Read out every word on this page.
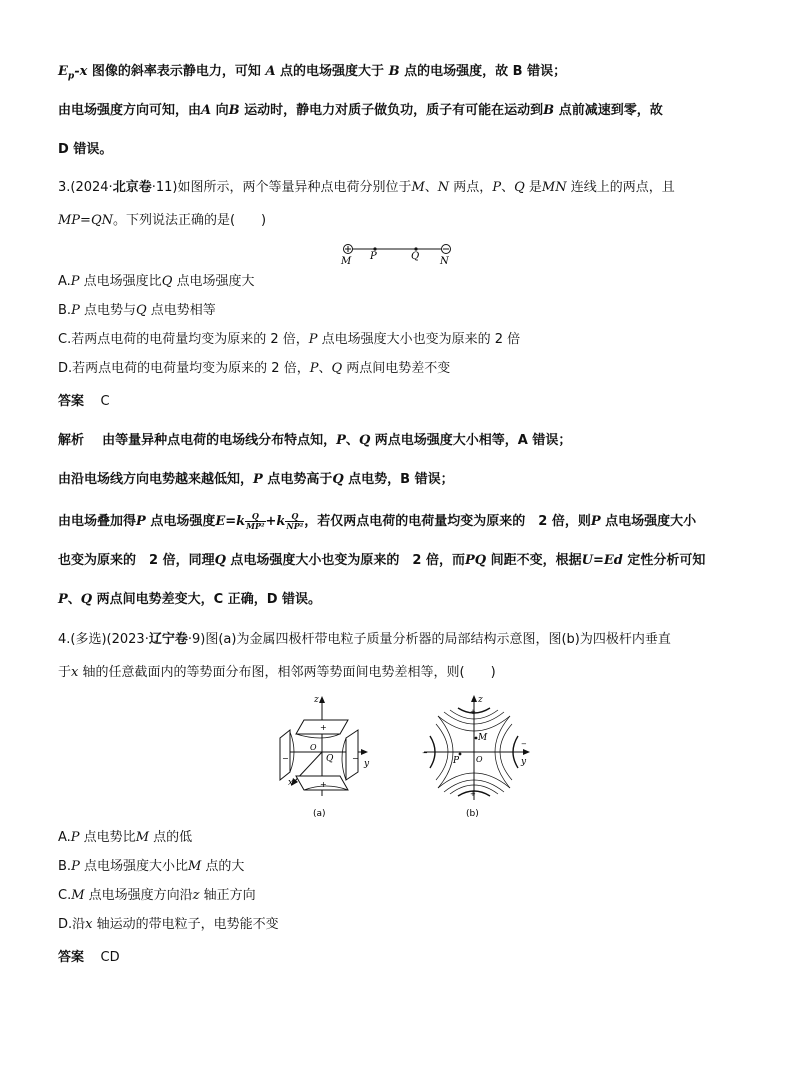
$E_p-x$ 图像的斜率表示静电力，可知 A 点的电场强度大于 B 点的电场强度，故 B 错误；
由电场强度方向可知，由A 向B 运动时，静电力对质子做负功，质子有可能在运动到B 点前减速到零，故
D 错误。
3.(2024·北京卷·11)如图所示，两个等量异种点电荷分别位于M、N 两点，P、Q 是MN 连线上的两点，且
MP=QN。下列说法正确的是(　　)
M P	Q N
A.P 点电场强度比Q 点电场强度大
B.P 点电势与Q 点电势相等
C.若两点电荷的电荷量均变为原来的 2 倍，P 点电场强度大小也变为原来的 2 倍
D.若两点电荷的电荷量均变为原来的 2 倍，P、Q 两点间电势差不变
答案 C
解析 由等量异种点电荷的电场线分布特点知，P、Q 两点电场强度大小相等，A 错误；
由沿电场线方向电势越来越低知，P 点电势高于Q 点电势，B 错误；
由电场叠加得P 点电场强度$E=k \frac{Q}{\text{MP²}} +k \frac{Q}{\text{NP²}}$ ，若仅两点电荷的电荷量均变为原来的　2 倍，则P 点电场强度大小
也变为原来的　2 倍，同理Q 点电场强度大小也变为原来的　2 倍，而PQ 间距不变，根据U=Ed 定性分析可知
P、Q 两点间电势差变大，C 正确，D 错误。
4.(多选)(2023·辽宁卷·9)图(a)为金属四极杆带电粒子质量分析器的局部结构示意图，图(b)为四极杆内垂直
于x 轴的任意截面内的等势面分布图，相邻两等势面间电势差相等，则(　　)
z
y
x
−	−
+
+
Q
O
(a)
z
y
+
+
−
−
M
P O
(b)
A.P 点电势比M 点的低
B.P 点电场强度大小比M 点的大
C.M 点电场强度方向沿z 轴正方向
D.沿x 轴运动的带电粒子，电势能不变
答案 CD
